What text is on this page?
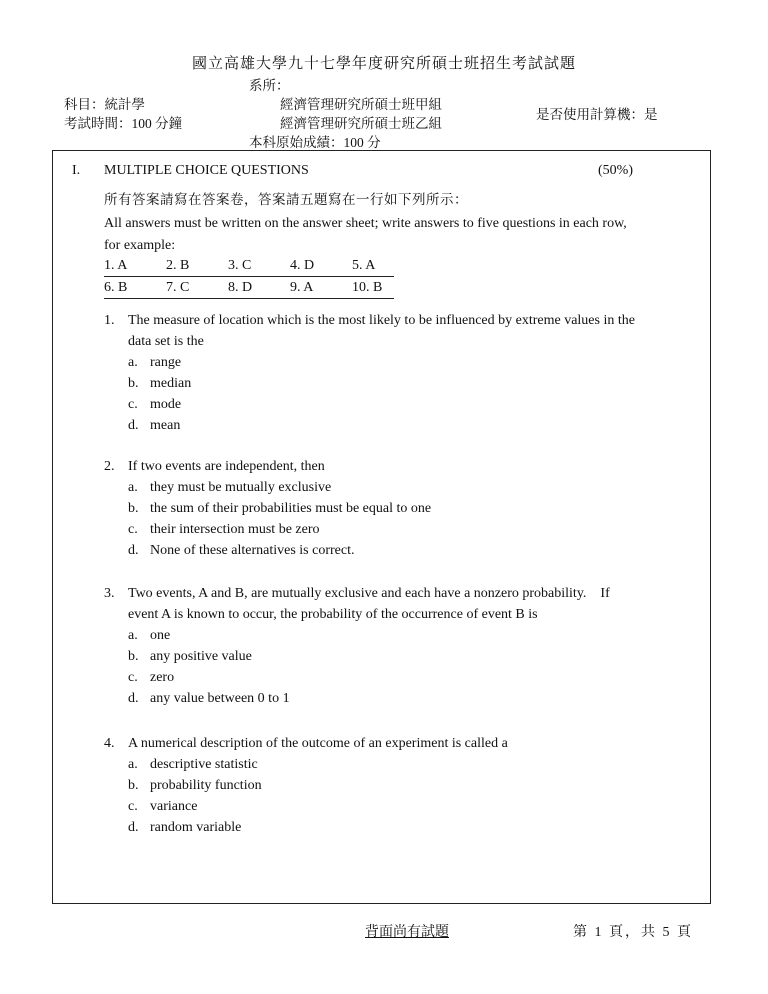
國立高雄大學九十七學年度研究所碩士班招生考試試題
系所：
科目：統計學	經濟管理研究所碩士班甲組
是否使用計算機：是
考試時間：100 分鐘	經濟管理研究所碩士班乙組
本科原始成績：100 分
I. MULTIPLE CHOICE QUESTIONS	(50%)
所有答案請寫在答案卷，答案請五題寫在一行如下列所示：
All answers must be written on the answer sheet; write answers to five questions in each row,
for example:
1. A	2. B	3. C	4. D	5. A
6. B	7. C	8. D	9. A	10. B
1. The measure of location which is the most likely to be influenced by extreme values in the
data set is the
a. range
b. median
c. mode
d. mean
2. If two events are independent, then
a. they must be mutually exclusive
b. the sum of their probabilities must be equal to one
c. their intersection must be zero
d. None of these alternatives is correct.
3. Two events, A and B, are mutually exclusive and each have a nonzero probability.    If
event A is known to occur, the probability of the occurrence of event B is
a. one
b. any positive value
c. zero
d. any value between 0 to 1
4. A numerical description of the outcome of an experiment is called a
a. descriptive statistic
b. probability function
c. variance
d. random variable
背面尚有試題	第 1 頁，共 5 頁
